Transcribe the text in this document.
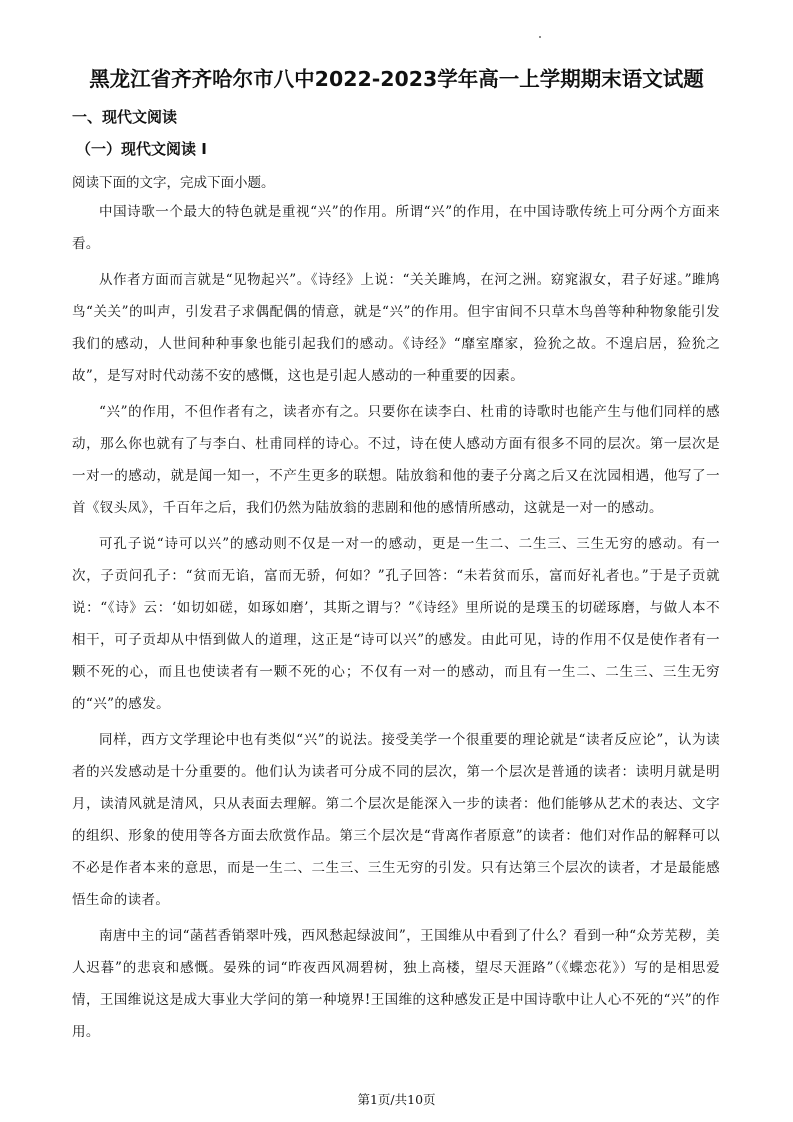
黑龙江省齐齐哈尔市八中2022-2023学年高一上学期期末语文试题
一、现代文阅读
（一）现代文阅读 I

阅读下面的文字，完成下面小题。

中国诗歌一个最大的特色就是重视“兴”的作用。所谓“兴”的作用，在中国诗歌传统上可分两个方面来看。

从作者方面而言就是“见物起兴”。《诗经》上说：“关关雎鸠，在河之洲。窈窕淑女，君子好逑。”雎鸠鸟“关关”的叫声，引发君子求偶配偶的情意，就是“兴”的作用。但宇宙间不只草木鸟兽等种种物象能引发我们的感动，人世间种种事象也能引起我们的感动。《诗经》“靡室靡家，猃狁之故。不遑启居，猃狁之故”，是写对时代动荡不安的感慨，这也是引起人感动的一种重要的因素。

“兴”的作用，不但作者有之，读者亦有之。只要你在读李白、杜甫的诗歌时也能产生与他们同样的感动，那么你也就有了与李白、杜甫同样的诗心。不过，诗在使人感动方面有很多不同的层次。第一层次是一对一的感动，就是闻一知一，不产生更多的联想。陆放翁和他的妻子分离之后又在沈园相遇，他写了一首《钗头凤》，千百年之后，我们仍然为陆放翁的悲剧和他的感情所感动，这就是一对一的感动。

可孔子说“诗可以兴”的感动则不仅是一对一的感动，更是一生二、二生三、三生无穷的感动。有一次，子贡问孔子：“贫而无谄，富而无骄，何如？”孔子回答：“未若贫而乐，富而好礼者也。”于是子贡就说：“《诗》云：‘如切如磋，如琢如磨’，其斯之谓与？”《诗经》里所说的是璞玉的切磋琢磨，与做人本不相干，可子贡却从中悟到做人的道理，这正是“诗可以兴”的感发。由此可见，诗的作用不仅是使作者有一颗不死的心，而且也使读者有一颗不死的心；不仅有一对一的感动，而且有一生二、二生三、三生无穷的“兴”的感发。

同样，西方文学理论中也有类似“兴”的说法。接受美学一个很重要的理论就是“读者反应论”，认为读者的兴发感动是十分重要的。他们认为读者可分成不同的层次，第一个层次是普通的读者：读明月就是明月，读清风就是清风，只从表面去理解。第二个层次是能深入一步的读者：他们能够从艺术的表达、文字的组织、形象的使用等各方面去欣赏作品。第三个层次是“背离作者原意”的读者：他们对作品的解释可以不必是作者本来的意思，而是一生二、二生三、三生无穷的引发。只有达第三个层次的读者，才是最能感悟生命的读者。

南唐中主的词“菡萏香销翠叶残，西风愁起绿波间”，王国维从中看到了什么？看到一种“众芳芜秽，美人迟暮”的悲哀和感慨。晏殊的词“昨夜西风凋碧树，独上高楼，望尽天涯路”（《蝶恋花》）写的是相思爱情，王国维说这是成大事业大学问的第一种境界!王国维的这种感发正是中国诗歌中让人心不死的“兴”的作用。

第1页/共10页
